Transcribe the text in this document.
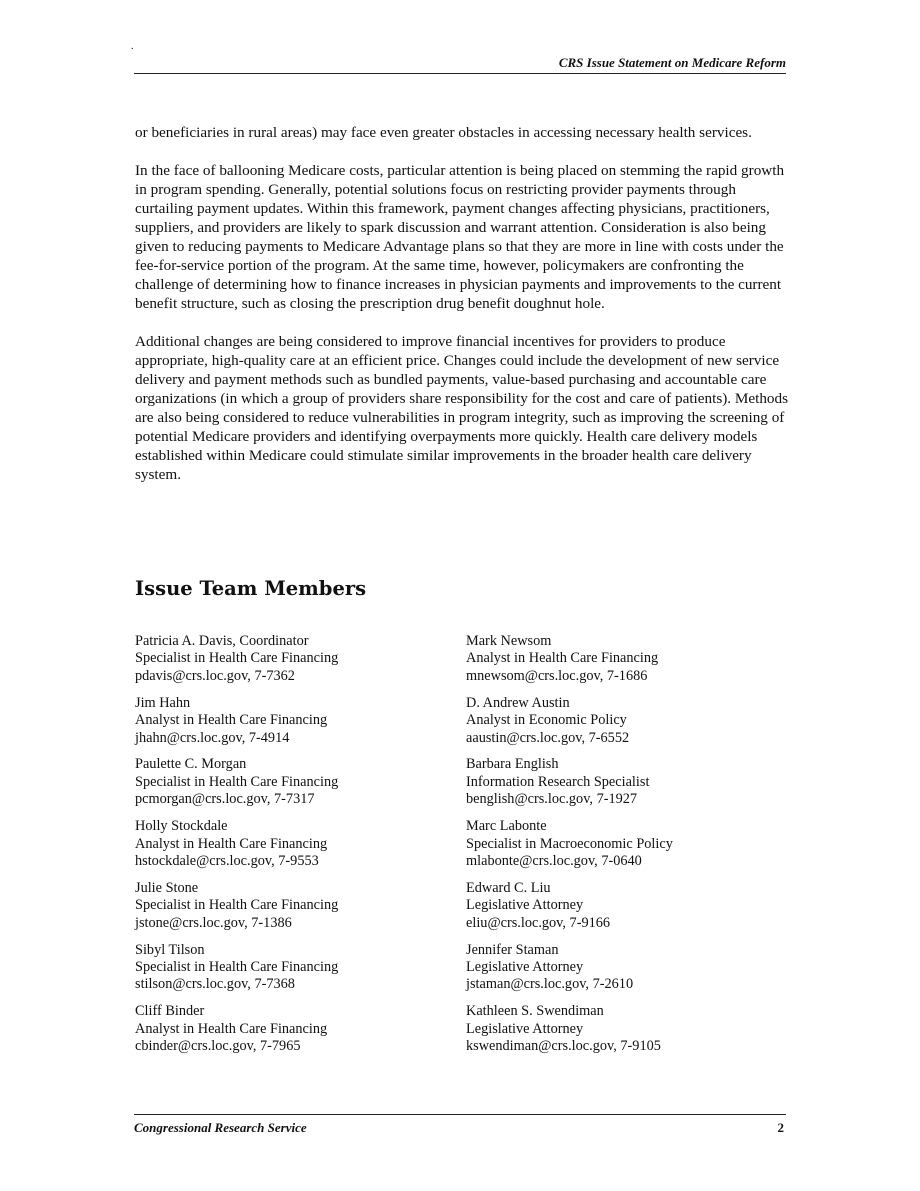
.
CRS Issue Statement on Medicare Reform

or beneficiaries in rural areas) may face even greater obstacles in accessing necessary health services.

In the face of ballooning Medicare costs, particular attention is being placed on stemming the rapid growth in program spending. Generally, potential solutions focus on restricting provider payments through curtailing payment updates. Within this framework, payment changes affecting physicians, practitioners, suppliers, and providers are likely to spark discussion and warrant attention. Consideration is also being given to reducing payments to Medicare Advantage plans so that they are more in line with costs under the fee-for-service portion of the program. At the same time, however, policymakers are confronting the challenge of determining how to finance increases in physician payments and improvements to the current benefit structure, such as closing the prescription drug benefit doughnut hole.

Additional changes are being considered to improve financial incentives for providers to produce appropriate, high-quality care at an efficient price. Changes could include the development of new service delivery and payment methods such as bundled payments, value-based purchasing and accountable care organizations (in which a group of providers share responsibility for the cost and care of patients). Methods are also being considered to reduce vulnerabilities in program integrity, such as improving the screening of potential Medicare providers and identifying overpayments more quickly. Health care delivery models established within Medicare could stimulate similar improvements in the broader health care delivery system.

Issue Team Members
Patricia A. Davis, Coordinator
Specialist in Health Care Financing
pdavis@crs.loc.gov, 7-7362
Jim Hahn
Analyst in Health Care Financing
jhahn@crs.loc.gov, 7-4914
Paulette C. Morgan
Specialist in Health Care Financing
pcmorgan@crs.loc.gov, 7-7317
Holly Stockdale
Analyst in Health Care Financing
hstockdale@crs.loc.gov, 7-9553
Julie Stone
Specialist in Health Care Financing
jstone@crs.loc.gov, 7-1386
Sibyl Tilson
Specialist in Health Care Financing
stilson@crs.loc.gov, 7-7368
Cliff Binder
Analyst in Health Care Financing
cbinder@crs.loc.gov, 7-7965
Mark Newsom
Analyst in Health Care Financing
mnewsom@crs.loc.gov, 7-1686
D. Andrew Austin
Analyst in Economic Policy
aaustin@crs.loc.gov, 7-6552
Barbara English
Information Research Specialist
benglish@crs.loc.gov, 7-1927
Marc Labonte
Specialist in Macroeconomic Policy
mlabonte@crs.loc.gov, 7-0640
Edward C. Liu
Legislative Attorney
eliu@crs.loc.gov, 7-9166
Jennifer Staman
Legislative Attorney
jstaman@crs.loc.gov, 7-2610
Kathleen S. Swendiman
Legislative Attorney
kswendiman@crs.loc.gov, 7-9105
Congressional Research Service	2
